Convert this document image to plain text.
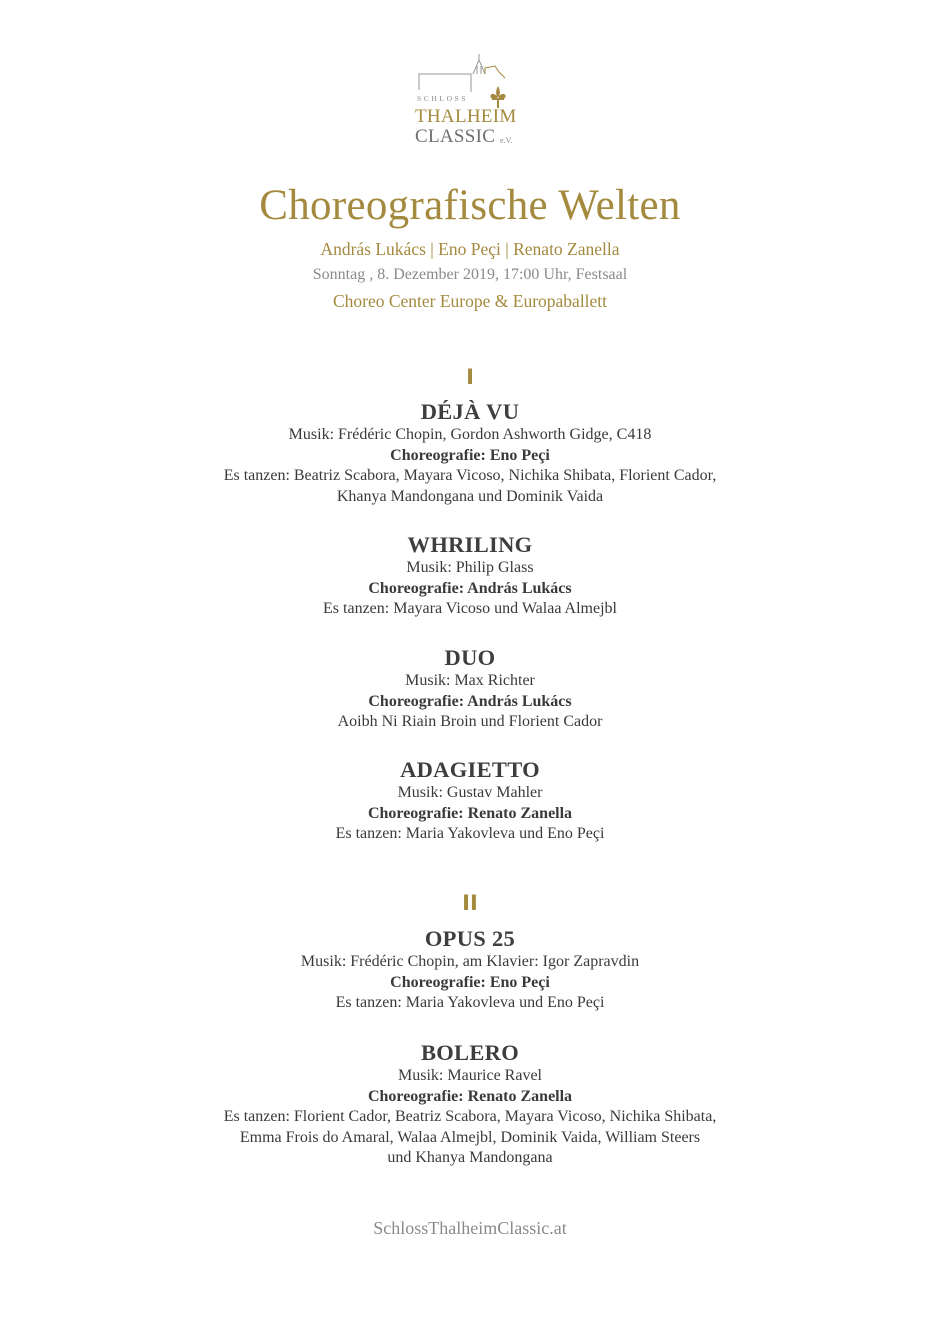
SCHLOSS
THALHEIM
CLASSIC e.V.
Choreografische Welten
András Lukács | Eno Peçi | Renato Zanella
Sonntag , 8. Dezember 2019, 17:00 Uhr, Festsaal
Choreo Center Europe & Europaballett
I
DÉJÀ VU
Musik: Frédéric Chopin, Gordon Ashworth Gidge, C418
Choreografie: Eno Peçi
Es tanzen: Beatriz Scabora, Mayara Vicoso, Nichika Shibata, Florient Cador,
Khanya Mandongana und Dominik Vaida
WHRILING
Musik: Philip Glass
Choreografie: András Lukács
Es tanzen: Mayara Vicoso und Walaa Almejbl
DUO
Musik: Max Richter
Choreografie: András Lukács
Aoibh Ni Riain Broin und Florient Cador
ADAGIETTO
Musik: Gustav Mahler
Choreografie: Renato Zanella
Es tanzen: Maria Yakovleva und Eno Peçi
II
OPUS 25
Musik: Frédéric Chopin, am Klavier: Igor Zapravdin
Choreografie: Eno Peçi
Es tanzen: Maria Yakovleva und Eno Peçi
BOLERO
Musik: Maurice Ravel
Choreografie: Renato Zanella
Es tanzen: Florient Cador, Beatriz Scabora, Mayara Vicoso, Nichika Shibata,
Emma Frois do Amaral, Walaa Almejbl, Dominik Vaida, William Steers
und Khanya Mandongana
SchlossThalheimClassic.at
